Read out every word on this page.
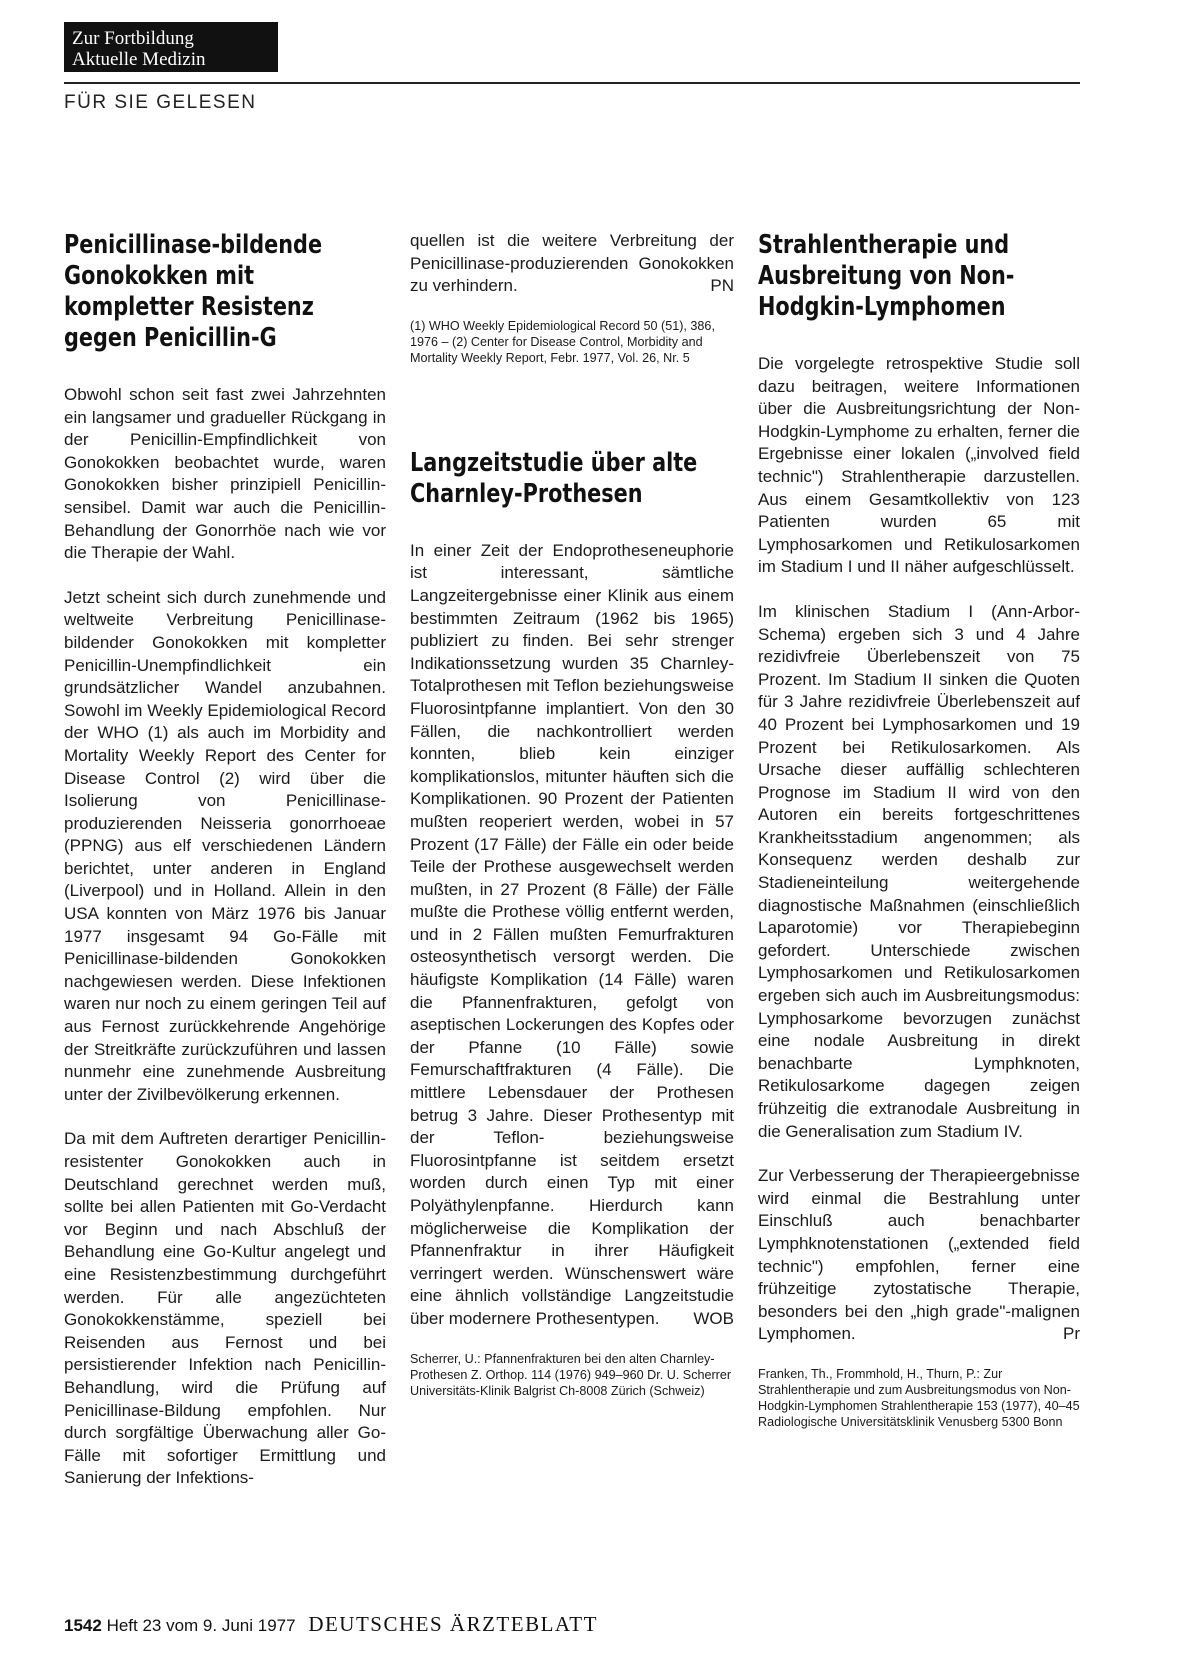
Zur Fortbildung
Aktuelle Medizin
FÜR SIE GELESEN
Penicillinase-bildende Gonokokken mit kompletter Resistenz gegen Penicillin-G

Obwohl schon seit fast zwei Jahrzehnten ein langsamer und gradueller Rückgang in der Penicillin-Empfindlichkeit von Gonokokken beobachtet wurde, waren Gonokokken bisher prinzipiell Penicillin-sensibel. Damit war auch die Penicillin-Behandlung der Gonorrhöe nach wie vor die Therapie der Wahl.

Jetzt scheint sich durch zunehmende und weltweite Verbreitung Penicillinase-bildender Gonokokken mit kompletter Penicillin-Unempfindlichkeit ein grundsätzlicher Wandel anzubahnen. Sowohl im Weekly Epidemiological Record der WHO (1) als auch im Morbidity and Mortality Weekly Report des Center for Disease Control (2) wird über die Isolierung von Penicillinase-produzierenden Neisseria gonorrhoeae (PPNG) aus elf verschiedenen Ländern berichtet, unter anderen in England (Liverpool) und in Holland. Allein in den USA konnten von März 1976 bis Januar 1977 insgesamt 94 Go-Fälle mit Penicillinase-bildenden Gonokokken nachgewiesen werden. Diese Infektionen waren nur noch zu einem geringen Teil auf aus Fernost zurückkehrende Angehörige der Streitkräfte zurückzuführen und lassen nunmehr eine zunehmende Ausbreitung unter der Zivilbevölkerung erkennen.

Da mit dem Auftreten derartiger Penicillin-resistenter Gonokokken auch in Deutschland gerechnet werden muß, sollte bei allen Patienten mit Go-Verdacht vor Beginn und nach Abschluß der Behandlung eine Go-Kultur angelegt und eine Resistenzbestimmung durchgeführt werden. Für alle angezüchteten Gonokokkenstämme, speziell bei Reisenden aus Fernost und bei persistierender Infektion nach Penicillin-Behandlung, wird die Prüfung auf Penicillinase-Bildung empfohlen. Nur durch sorgfältige Überwachung aller Go-Fälle mit sofortiger Ermittlung und Sanierung der Infektions-

quellen ist die weitere Verbreitung der Penicillinase-produzierenden Gonokokken zu verhindern.	PN

(1) WHO Weekly Epidemiological Record 50 (51), 386, 1976 – (2) Center for Disease Control, Morbidity and Mortality Weekly Report, Febr. 1977, Vol. 26, Nr. 5

Langzeitstudie über alte Charnley-Prothesen

In einer Zeit der Endoprotheseneuphorie ist interessant, sämtliche Langzeitergebnisse einer Klinik aus einem bestimmten Zeitraum (1962 bis 1965) publiziert zu finden. Bei sehr strenger Indikationssetzung wurden 35 Charnley-Totalprothesen mit Teflon beziehungsweise Fluorosintpfanne implantiert. Von den 30 Fällen, die nachkontrolliert werden konnten, blieb kein einziger komplikationslos, mitunter häuften sich die Komplikationen. 90 Prozent der Patienten mußten reoperiert werden, wobei in 57 Prozent (17 Fälle) der Fälle ein oder beide Teile der Prothese ausgewechselt werden mußten, in 27 Prozent (8 Fälle) der Fälle mußte die Prothese völlig entfernt werden, und in 2 Fällen mußten Femurfrakturen osteosynthetisch versorgt werden. Die häufigste Komplikation (14 Fälle) waren die Pfannenfrakturen, gefolgt von aseptischen Lockerungen des Kopfes oder der Pfanne (10 Fälle) sowie Femurschaftfrakturen (4 Fälle). Die mittlere Lebensdauer der Prothesen betrug 3 Jahre. Dieser Prothesentyp mit der Teflon- beziehungsweise Fluorosintpfanne ist seitdem ersetzt worden durch einen Typ mit einer Polyäthylenpfanne. Hierdurch kann möglicherweise die Komplikation der Pfannenfraktur in ihrer Häufigkeit verringert werden. Wünschenswert wäre eine ähnlich vollständige Langzeitstudie über modernere Prothesentypen. WOB

Scherrer, U.: Pfannenfrakturen bei den alten Charnley-Prothesen Z. Orthop. 114 (1976) 949–960 Dr. U. Scherrer Universitäts-Klinik Balgrist Ch-8008 Zürich (Schweiz)

Strahlentherapie und Ausbreitung von Non-Hodgkin-Lymphomen

Die vorgelegte retrospektive Studie soll dazu beitragen, weitere Informationen über die Ausbreitungsrichtung der Non-Hodgkin-Lymphome zu erhalten, ferner die Ergebnisse einer lokalen („involved field technic") Strahlentherapie darzustellen. Aus einem Gesamtkollektiv von 123 Patienten wurden 65 mit Lymphosarkomen und Retikulosarkomen im Stadium I und II näher aufgeschlüsselt.

Im klinischen Stadium I (Ann-Arbor-Schema) ergeben sich 3 und 4 Jahre rezidivfreie Überlebenszeit von 75 Prozent. Im Stadium II sinken die Quoten für 3 Jahre rezidivfreie Überlebenszeit auf 40 Prozent bei Lymphosarkomen und 19 Prozent bei Retikulosarkomen. Als Ursache dieser auffällig schlechteren Prognose im Stadium II wird von den Autoren ein bereits fortgeschrittenes Krankheitsstadium angenommen; als Konsequenz werden deshalb zur Stadieneinteilung weitergehende diagnostische Maßnahmen (einschließlich Laparotomie) vor Therapiebeginn gefordert. Unterschiede zwischen Lymphosarkomen und Retikulosarkomen ergeben sich auch im Ausbreitungsmodus: Lymphosarkome bevorzugen zunächst eine nodale Ausbreitung in direkt benachbarte Lymphknoten, Retikulosarkome dagegen zeigen frühzeitig die extranodale Ausbreitung in die Generalisation zum Stadium IV.

Zur Verbesserung der Therapieergebnisse wird einmal die Bestrahlung unter Einschluß auch benachbarter Lymphknotenstationen („extended field technic") empfohlen, ferner eine frühzeitige zytostatische Therapie, besonders bei den „high grade"-malignen Lymphomen.	Pr

Franken, Th., Frommhold, H., Thurn, P.: Zur Strahlentherapie und zum Ausbreitungsmodus von Non-Hodgkin-Lymphomen Strahlentherapie 153 (1977), 40–45 Radiologische Universitätsklinik Venusberg 5300 Bonn

1542 Heft 23 vom 9. Juni 1977 DEUTSCHES ÄRZTEBLATT
